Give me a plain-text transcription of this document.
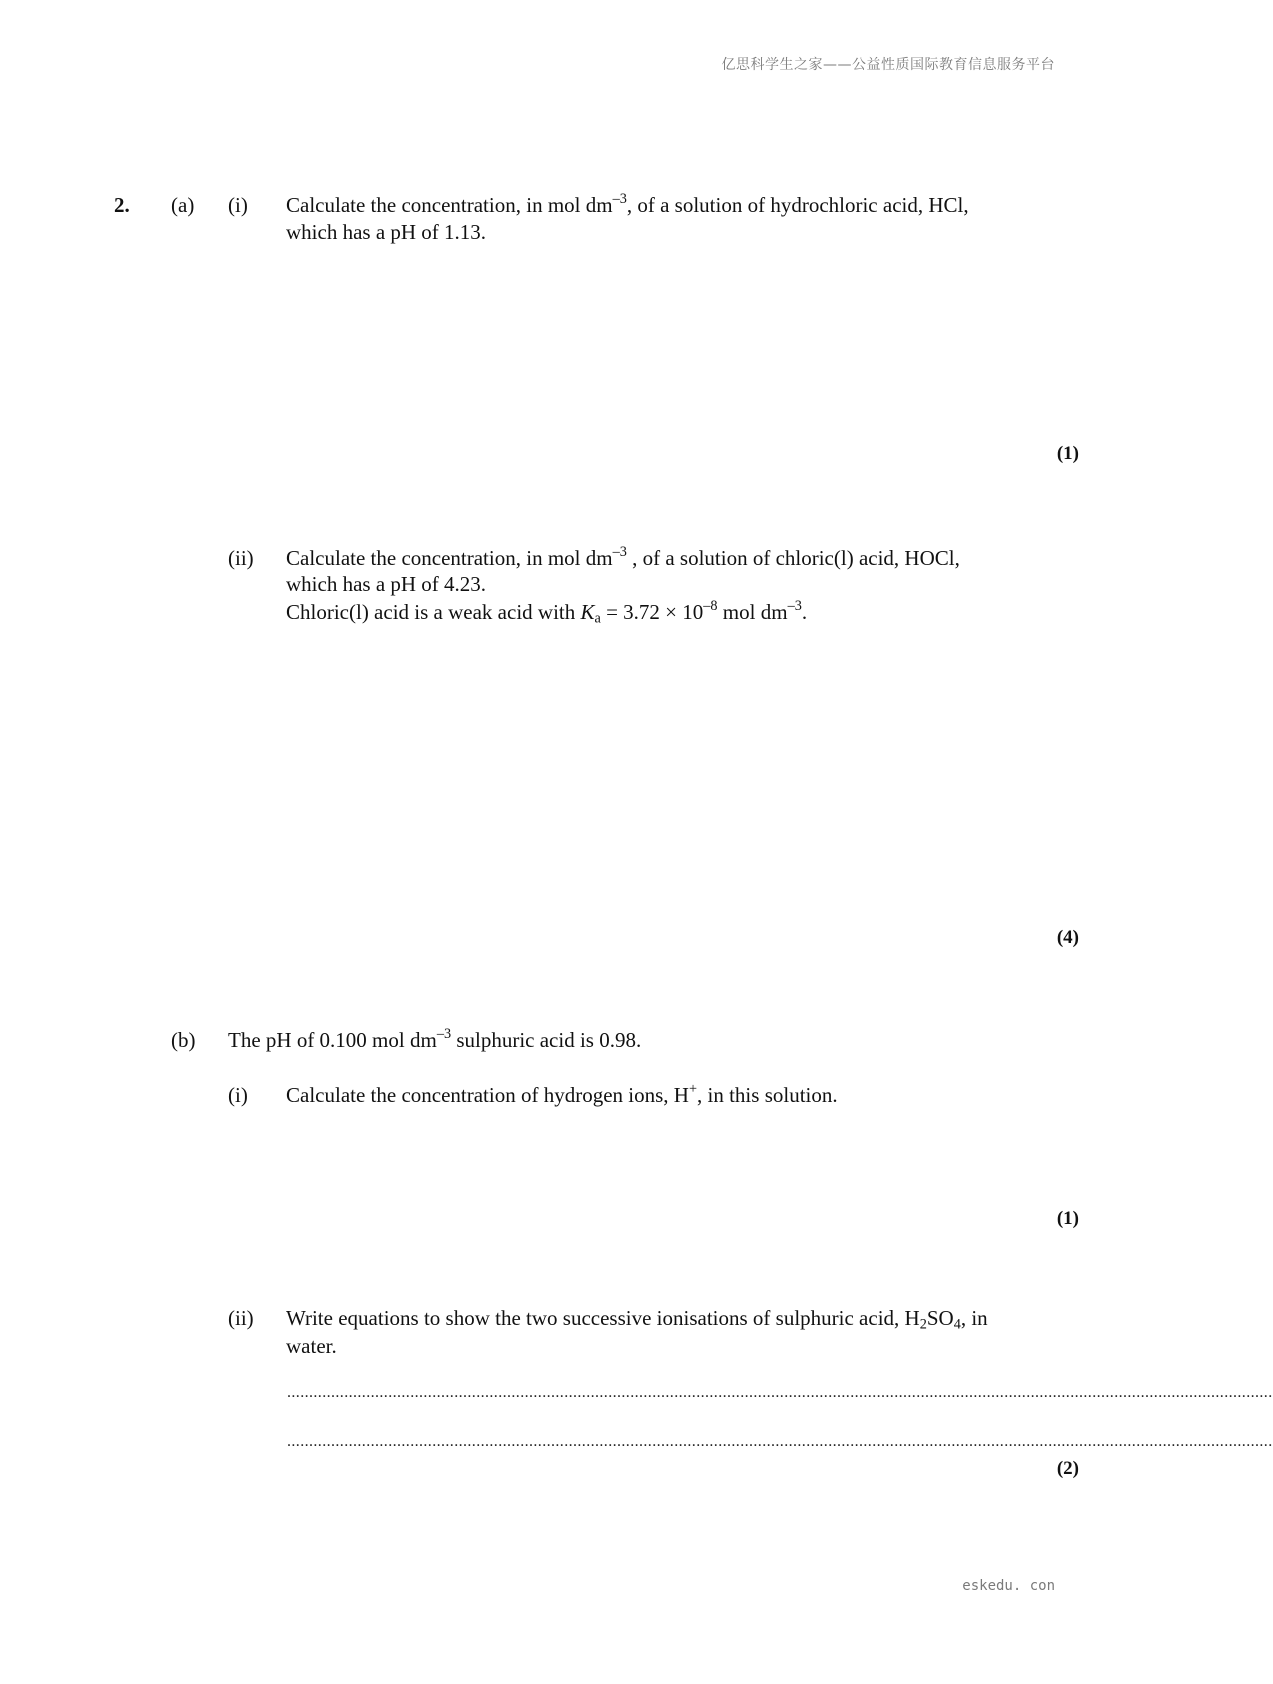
亿思科学生之家——公益性质国际教育信息服务平台
eskedu. con
2. (a) (i) Calculate the concentration, in mol $dm^{-3}$, of a solution of hydrochloric acid, HCl,
which has a pH of 1.13.
(1)
(ii) Calculate the concentration, in mol $dm^{-3}$ , of a solution of chloric(l) acid, HOCl,
which has a pH of 4.23.
Chloric(l) acid is a weak acid with $K_a = 3.72 \times 10^{-8}$ mol $dm^{-3}$.
(4)
(b) The pH of 0.100 mol $dm^{-3}$ sulphuric acid is 0.98.
(i) Calculate the concentration of hydrogen ions, H+, in this solution.
(1)
(ii) Write equations to show the two successive ionisations of sulphuric acid, $H_2SO_4$, in
water.
................................................................................................................................................................................................................................
................................................................................................................................................................................................................................
(2)
